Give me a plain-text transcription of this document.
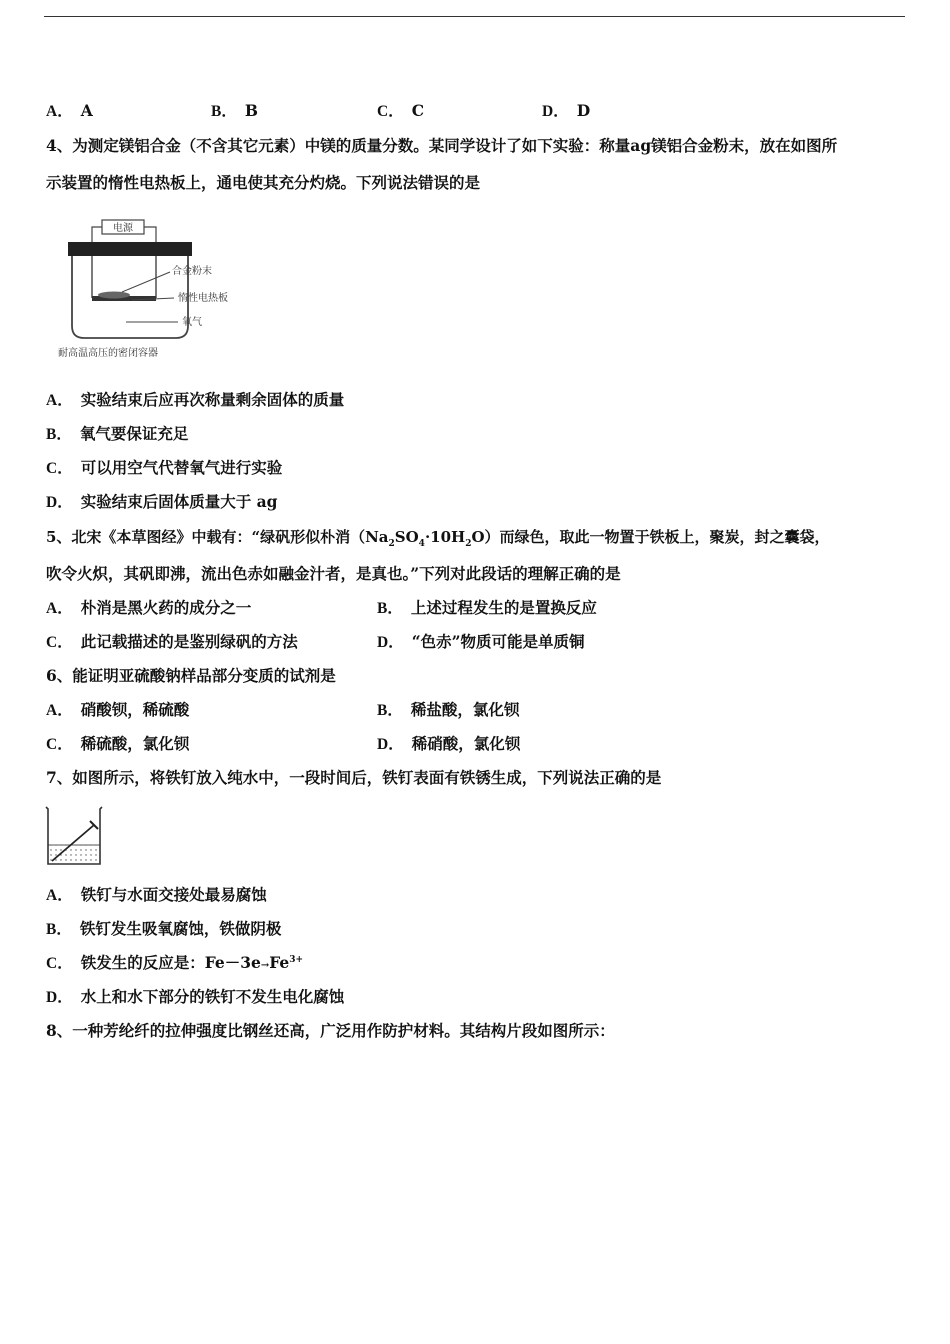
A． A	B． B	C． C	D． D
4、为测定镁铝合金（不含其它元素）中镁的质量分数。某同学设计了如下实验：称量ag镁铝合金粉末，放在如图所
示装置的惰性电热板上，通电使其充分灼烧。下列说法错误的是
电源
合金粉末
惰性电热板
氧气
耐高温高压的密闭容器
A． 实验结束后应再次称量剩余固体的质量
B． 氧气要保证充足
C． 可以用空气代替氧气进行实验
D． 实验结束后固体质量大于 ag
5、北宋《本草图经》中载有：“绿矾形似朴消$(Na_2SO_4\cdot 10H_2O)$而绿色，取此一物置于铁板上，聚炭，封之囊袋，
吹令火炽，其矾即沸，流出色赤如融金汁者，是真也。”下列对此段话的理解正确的是
A． 朴消是黑火药的成分之一	B． 上述过程发生的是置换反应
C． 此记载描述的是鉴别绿矾的方法	D． “色赤”物质可能是单质铜
6、能证明亚硫酸钠样品部分变质的试剂是
A． 硝酸钡，稀硫酸	B． 稀盐酸，氯化钡
C． 稀硫酸，氯化钡	D． 稀硝酸，氯化钡
7、如图所示，将铁钉放入纯水中，一段时间后，铁钉表面有铁锈生成，下列说法正确的是
A． 铁钉与水面交接处最易腐蚀
B． 铁钉发生吸氧腐蚀，铁做阴极
C． 铁发生的反应是：$Fe-3e\to Fe^{3+}$
D． 水上和水下部分的铁钉不发生电化腐蚀
8、一种芳纶纤的拉伸强度比钢丝还高，广泛用作防护材料。其结构片段如图所示：
